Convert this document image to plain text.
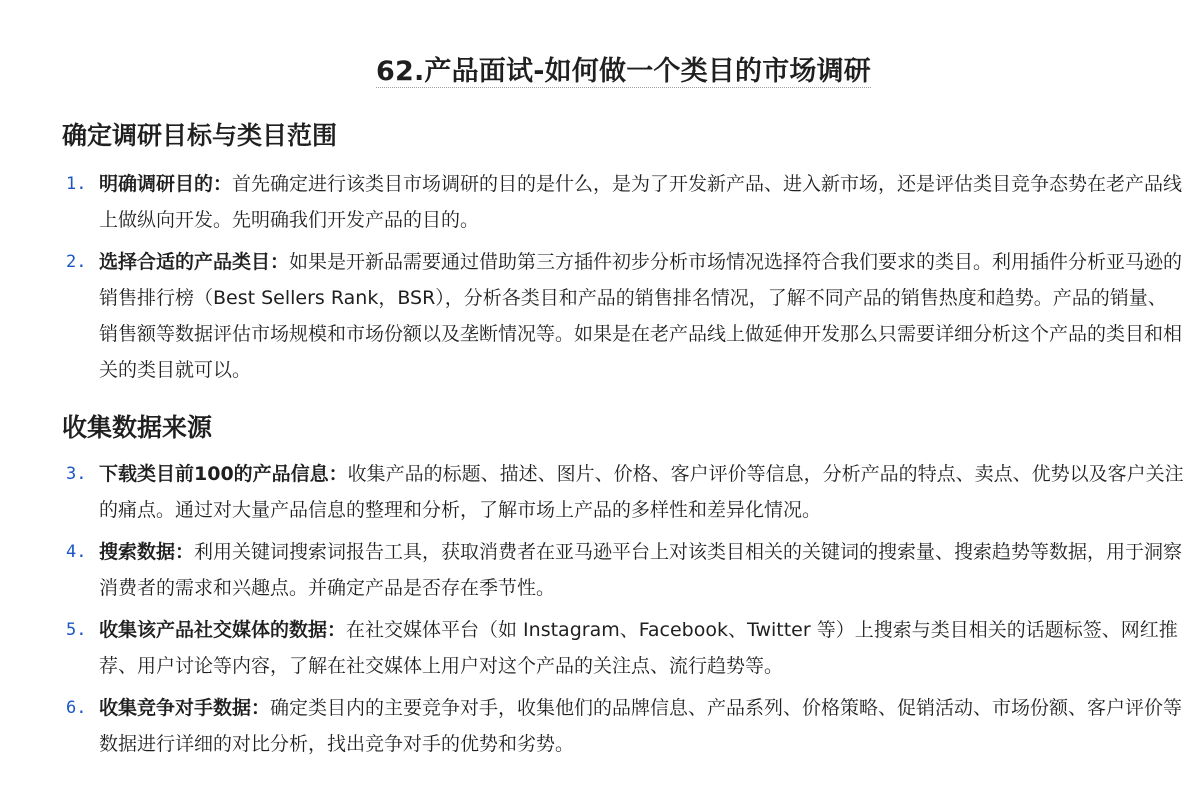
62.产品面试-如何做一个类目的市场调研
确定调研目标与类目范围
1. 明确调研目的：首先确定进行该类目市场调研的目的是什么，是为了开发新产品、进入新市场，还是评估类目竞争态势在老产品线上做纵向开发。先明确我们开发产品的目的。
2. 选择合适的产品类目：如果是开新品需要通过借助第三方插件初步分析市场情况选择符合我们要求的类目。利用插件分析亚马逊的销售排行榜（Best Sellers Rank，BSR），分析各类目和产品的销售排名情况，了解不同产品的销售热度和趋势。产品的销量、销售额等数据评估市场规模和市场份额以及垄断情况等。如果是在老产品线上做延伸开发那么只需要详细分析这个产品的类目和相关的类目就可以。
收集数据来源
3. 下载类目前100的产品信息：收集产品的标题、描述、图片、价格、客户评价等信息，分析产品的特点、卖点、优势以及客户关注的痛点。通过对大量产品信息的整理和分析，了解市场上产品的多样性和差异化情况。
4. 搜索数据：利用关键词搜索词报告工具，获取消费者在亚马逊平台上对该类目相关的关键词的搜索量、搜索趋势等数据，用于洞察消费者的需求和兴趣点。并确定产品是否存在季节性。
5. 收集该产品社交媒体的数据：在社交媒体平台（如 Instagram、Facebook、Twitter 等）上搜索与类目相关的话题标签、网红推荐、用户讨论等内容，了解在社交媒体上用户对这个产品的关注点、流行趋势等。
6. 收集竞争对手数据：确定类目内的主要竞争对手，收集他们的品牌信息、产品系列、价格策略、促销活动、市场份额、客户评价等数据进行详细的对比分析，找出竞争对手的优势和劣势。
